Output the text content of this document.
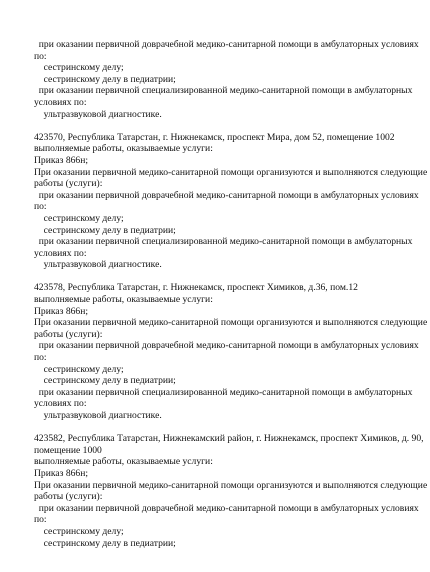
при оказании первичной доврачебной медико-санитарной помощи в амбулаторных условиях
по:
сестринскому делу;
сестринскому делу в педиатрии;
при оказании первичной специализированной медико-санитарной помощи в амбулаторных
условиях по:
ультразвуковой диагностике.
423570, Республика Татарстан, г. Нижнекамск, проспект Мира, дом 52, помещение 1002
выполняемые работы, оказываемые услуги:
Приказ 866н;
При оказании первичной медико-санитарной помощи организуются и выполняются следующие
работы (услуги):
при оказании первичной доврачебной медико-санитарной помощи в амбулаторных условиях
по:
сестринскому делу;
сестринскому делу в педиатрии;
при оказании первичной специализированной медико-санитарной помощи в амбулаторных
условиях по:
ультразвуковой диагностике.
423578, Республика Татарстан, г. Нижнекамск, проспект Химиков, д.36, пом.12
выполняемые работы, оказываемые услуги:
Приказ 866н;
При оказании первичной медико-санитарной помощи организуются и выполняются следующие
работы (услуги):
при оказании первичной доврачебной медико-санитарной помощи в амбулаторных условиях
по:
сестринскому делу;
сестринскому делу в педиатрии;
при оказании первичной специализированной медико-санитарной помощи в амбулаторных
условиях по:
ультразвуковой диагностике.
423582, Республика Татарстан, Нижнекамский район, г. Нижнекамск, проспект Химиков, д. 90,
помещение 1000
выполняемые работы, оказываемые услуги:
Приказ 866н;
При оказании первичной медико-санитарной помощи организуются и выполняются следующие
работы (услуги):
при оказании первичной доврачебной медико-санитарной помощи в амбулаторных условиях
по:
сестринскому делу;
сестринскому делу в педиатрии;
